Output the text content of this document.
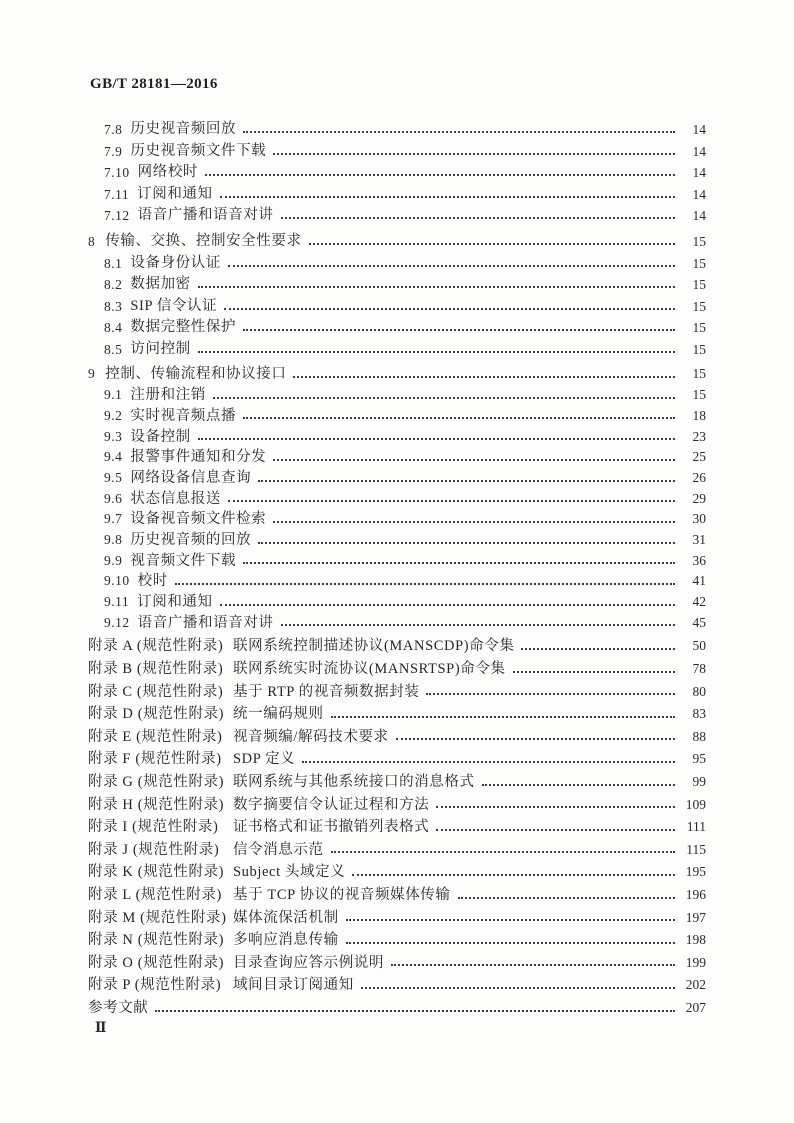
GB/T 28181—2016
7.8 历史视音频回放	14
7.9 历史视音频文件下载	14
7.10 网络校时	14
7.11 订阅和通知	14
7.12 语音广播和语音对讲	14
8 传输、交换、控制安全性要求	15
8.1 设备身份认证	15
8.2 数据加密	15
8.3 SIP 信令认证	15
8.4 数据完整性保护	15
8.5 访问控制	15
9 控制、传输流程和协议接口	15
9.1 注册和注销	15
9.2 实时视音频点播	18
9.3 设备控制	23
9.4 报警事件通知和分发	25
9.5 网络设备信息查询	26
9.6 状态信息报送	29
9.7 设备视音频文件检索	30
9.8 历史视音频的回放	31
9.9 视音频文件下载	36
9.10 校时	41
9.11 订阅和通知	42
9.12 语音广播和语音对讲	45
附录 A (规范性附录) 联网系统控制描述协议(MANSCDP)命令集	50
附录 B (规范性附录) 联网系统实时流协议(MANSRTSP)命令集	78
附录 C (规范性附录) 基于 RTP 的视音频数据封装	80
附录 D (规范性附录) 统一编码规则	83
附录 E (规范性附录) 视音频编/解码技术要求	88
附录 F (规范性附录) SDP 定义	95
附录 G (规范性附录) 联网系统与其他系统接口的消息格式	99
附录 H (规范性附录) 数字摘要信令认证过程和方法	109
附录 I (规范性附录)	证书格式和证书撤销列表格式	111
附录 J (规范性附录) 信令消息示范	115
附录 K (规范性附录) Subject 头域定义	195
附录 L (规范性附录) 基于 TCP 协议的视音频媒体传输	196
附录 M (规范性附录) 媒体流保活机制	197
附录 N (规范性附录) 多响应消息传输	198
附录 O (规范性附录) 目录查询应答示例说明	199
附录 P (规范性附录) 域间目录订阅通知	202
参考文献	207
Ⅱ
